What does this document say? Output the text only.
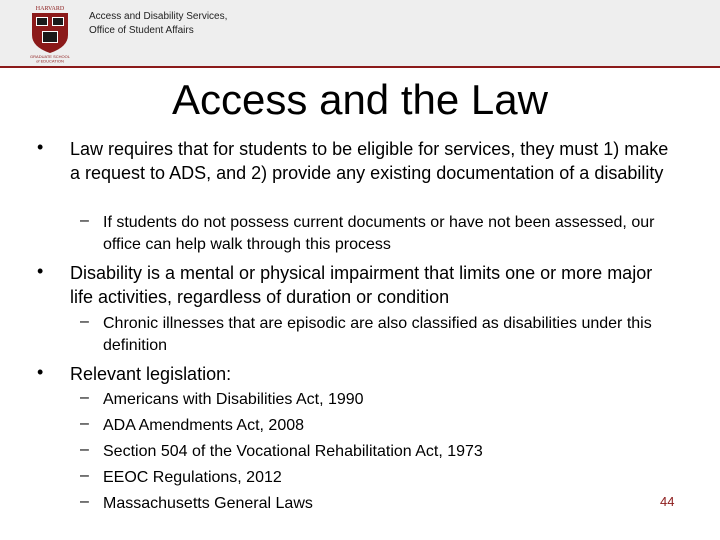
HARVARD
GRADUATE SCHOOL
of EDUCATION
Access and Disability Services,
Office of Student Affairs
Access and the Law
• Law requires that for students to be eligible for services, they must 1) make a request to ADS, and 2) provide any existing documentation of a disability
– If students do not possess current documents or have not been assessed, our office can help walk through this process
• Disability is a mental or physical impairment that limits one or more major life activities, regardless of duration or condition
– Chronic illnesses that are episodic are also classified as disabilities under this definition
• Relevant legislation:
– Americans with Disabilities Act, 1990
– ADA Amendments Act, 2008
– Section 504 of the Vocational Rehabilitation Act, 1973
– EEOC Regulations, 2012
– Massachusetts General Laws	44
